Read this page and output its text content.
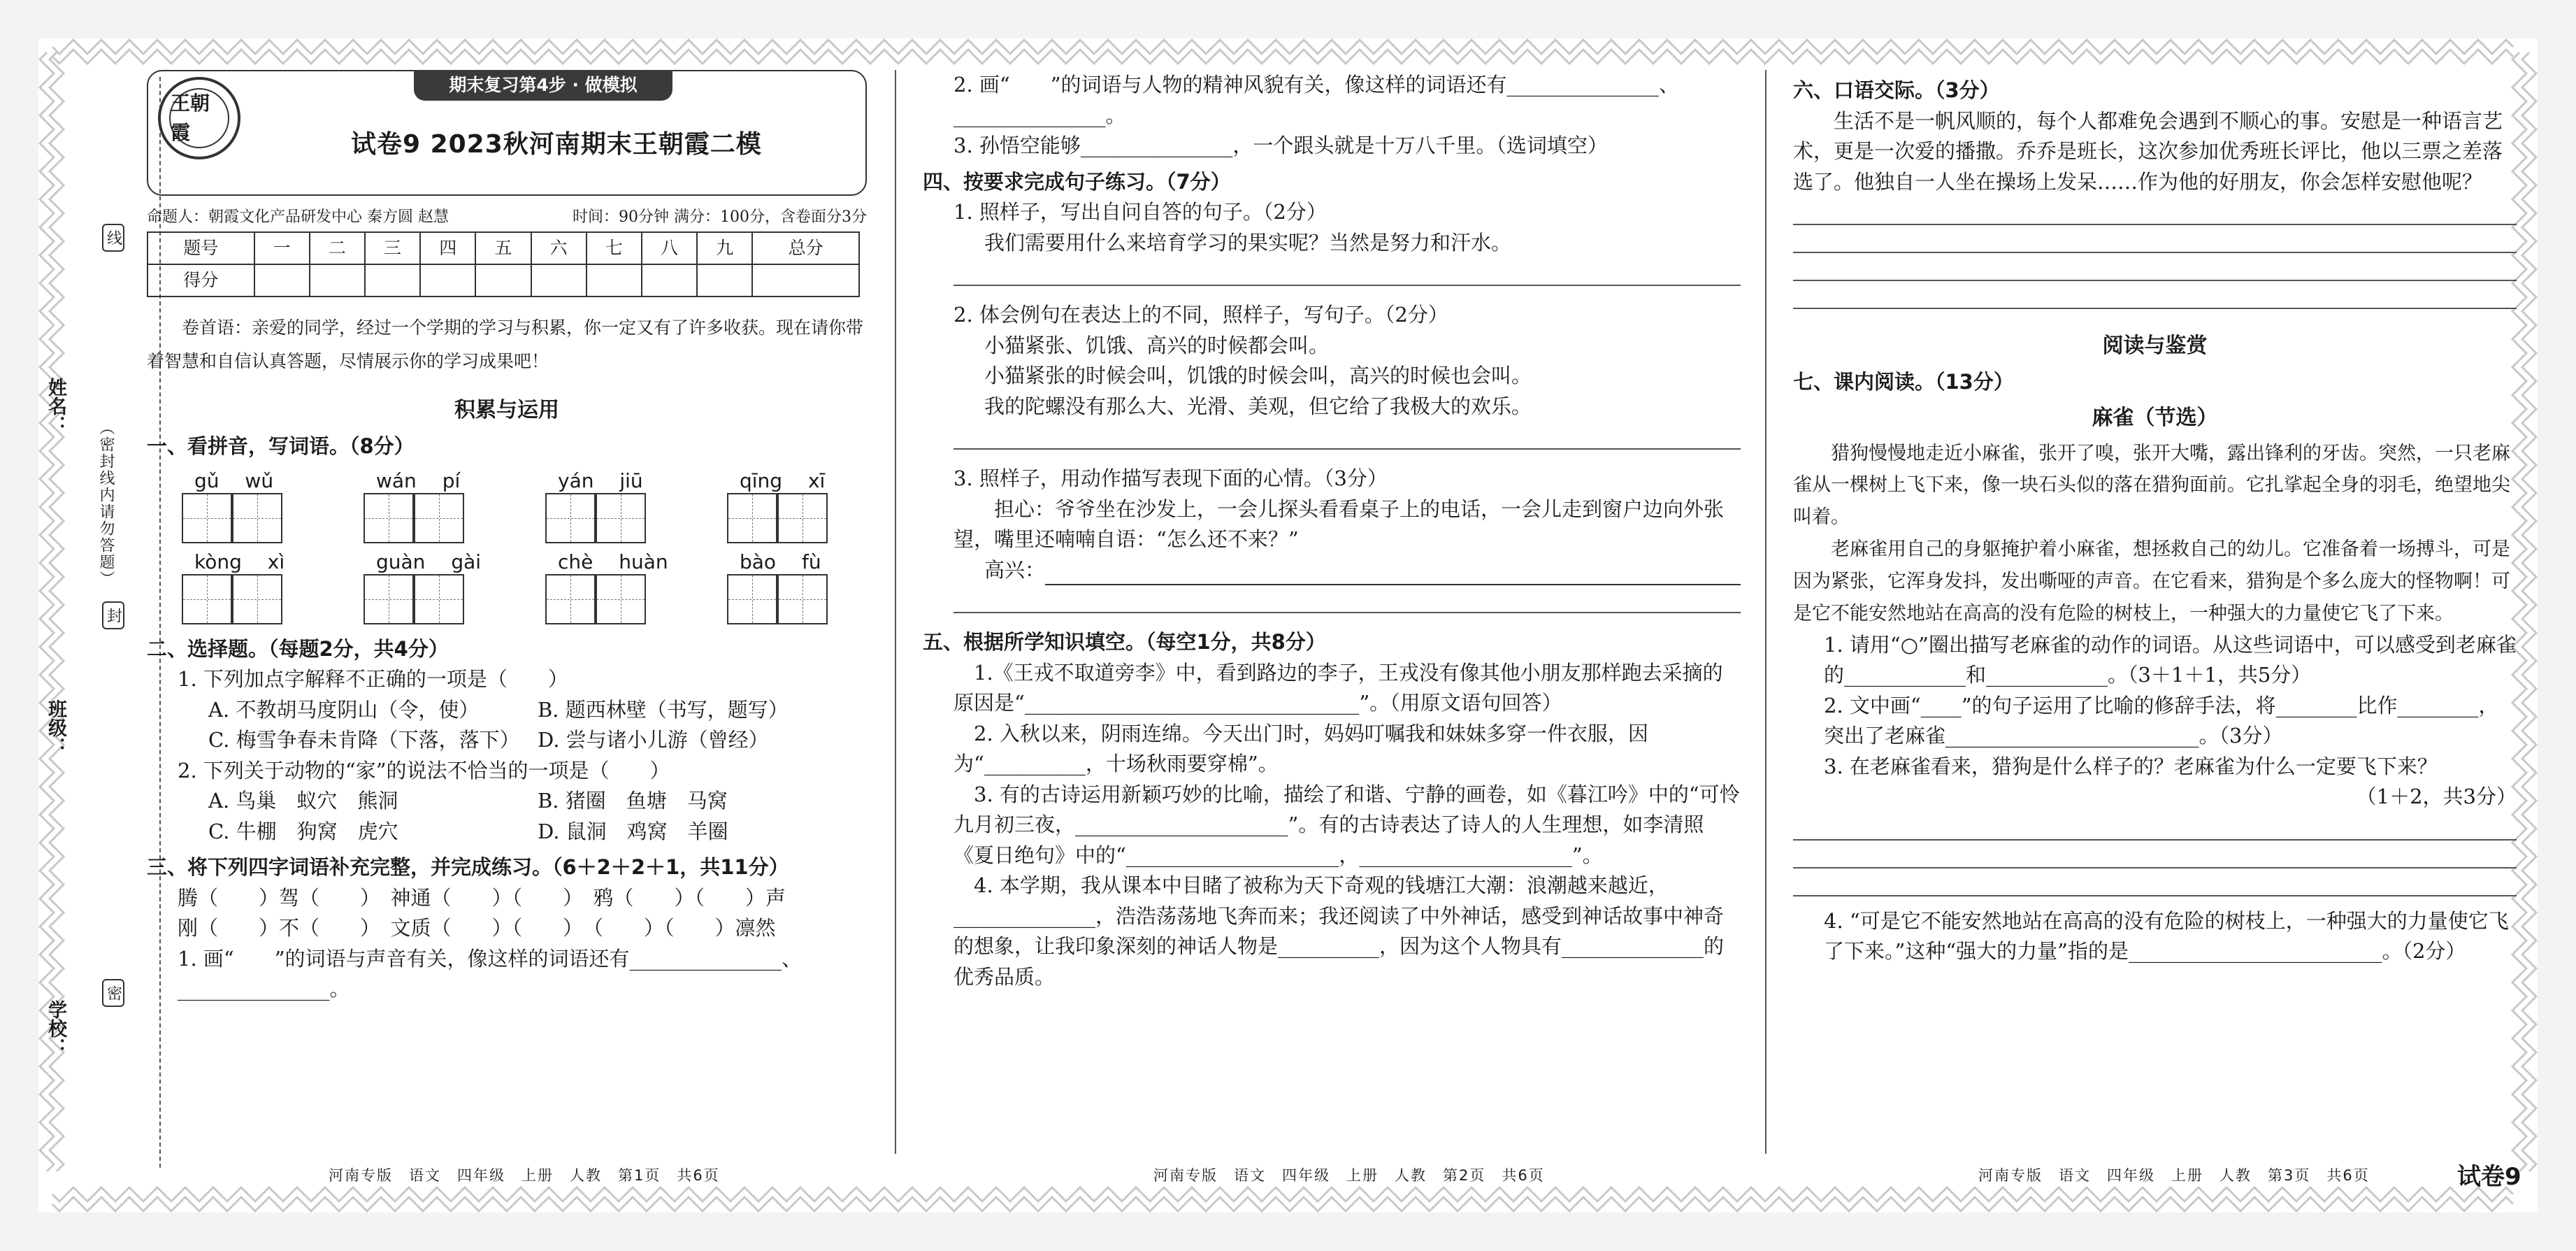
姓名：
班级：
学校：
线
封
密
（密封线内请勿答题）
王朝霞
期末复习第4步 · 做模拟
试卷9 2023秋河南期末王朝霞二模
命题人：朝霞文化产品研发中心 秦方圆 赵慧	时间：90分钟 满分：100分，含卷面分3分
题号	一	二	三	四	五	六	七	八	九	总分
得分										
卷首语：亲爱的同学，经过一个学期的学习与积累，你一定又有了许多收获。现在请你带着智慧和自信认真答题，尽情展示你的学习成果吧！
积累与运用
一、看拼音，写词语。（8分）
gǔ wǔ	wán pí	yán jiū	qīng xī
kòng xì	guàn gài	chè huàn	bào fù
二、选择题。（每题2分，共4分）
1. 下列加点字解释不正确的一项是（　　）
A. 不教胡马度阴山（令，使）	B. 题西林壁（书写，题写）
C. 梅雪争春未肯降（下落，落下） D. 尝与诸小儿游（曾经）
2. 下列关于动物的“家”的说法不恰当的一项是（　　）
A. 鸟巢　蚁穴　熊洞	B. 猪圈　鱼塘　马窝
C. 牛棚　狗窝　虎穴	D. 鼠洞　鸡窝　羊圈
三、将下列四字词语补充完整，并完成练习。（6＋2＋2＋1，共11分）
腾（　　）驾（　　）　神通（　　）（　　）　鸦（　　）（　　）声
刚（　　）不（　　）　文质（　　）（　　）　（　　）（　　）凛然
1. 画“　　”的词语与声音有关，像这样的词语还有_______________、_______________。
2. 画“　　”的词语与人物的精神风貌有关，像这样的词语还有_______________、_______________。
3. 孙悟空能够_______________，一个跟头就是十万八千里。（选词填空）
四、按要求完成句子练习。（7分）
1. 照样子，写出自问自答的句子。（2分）
我们需要用什么来培育学习的果实呢？当然是努力和汗水。
2. 体会例句在表达上的不同，照样子，写句子。（2分）
小猫紧张、饥饿、高兴的时候都会叫。
小猫紧张的时候会叫，饥饿的时候会叫，高兴的时候也会叫。
我的陀螺没有那么大、光滑、美观，但它给了我极大的欢乐。
3. 照样子，用动作描写表现下面的心情。（3分）
担心：爷爷坐在沙发上，一会儿探头看看桌子上的电话，一会儿走到窗户边向外张望，嘴里还喃喃自语：“怎么还不来？”
高兴：
五、根据所学知识填空。（每空1分，共8分）
1.《王戎不取道旁李》中，看到路边的李子，王戎没有像其他小朋友那样跑去采摘的原因是“_________________________________”。（用原文语句回答）
2. 入秋以来，阴雨连绵。今天出门时，妈妈叮嘱我和妹妹多穿一件衣服，因为“__________，十场秋雨要穿棉”。
3. 有的古诗运用新颖巧妙的比喻，描绘了和谐、宁静的画卷，如《暮江吟》中的“可怜九月初三夜，_____________________”。有的古诗表达了诗人的人生理想，如李清照《夏日绝句》中的“_____________________，_____________________”。
4. 本学期，我从课本中目睹了被称为天下奇观的钱塘江大潮：浪潮越来越近，______________，浩浩荡荡地飞奔而来；我还阅读了中外神话，感受到神话故事中神奇的想象，让我印象深刻的神话人物是__________，因为这个人物具有______________的优秀品质。
六、口语交际。（3分）
生活不是一帆风顺的，每个人都难免会遇到不顺心的事。安慰是一种语言艺术，更是一次爱的播撒。乔乔是班长，这次参加优秀班长评比，他以三票之差落选了。他独自一人坐在操场上发呆……作为他的好朋友，你会怎样安慰他呢？
阅读与鉴赏
七、课内阅读。（13分）
麻雀（节选）
猎狗慢慢地走近小麻雀，张开了嗅，张开大嘴，露出锋利的牙齿。突然，一只老麻雀从一棵树上飞下来，像一块石头似的落在猎狗面前。它扎挲起全身的羽毛，绝望地尖叫着。
老麻雀用自己的身躯掩护着小麻雀，想拯救自己的幼儿。它准备着一场搏斗，可是因为紧张，它浑身发抖，发出嘶哑的声音。在它看来，猎狗是个多么庞大的怪物啊！可是它不能安然地站在高高的没有危险的树枝上，一种强大的力量使它飞了下来。
1. 请用“○”圈出描写老麻雀的动作的词语。从这些词语中，可以感受到老麻雀的____________和____________。（3＋1＋1，共5分）
2. 文中画“____”的句子运用了比喻的修辞手法，将________比作________，突出了老麻雀_________________________。（3分）
3. 在老麻雀看来，猎狗是什么样子的？老麻雀为什么一定要飞下来？
（1＋2，共3分）
4. “可是它不能安然地站在高高的没有危险的树枝上，一种强大的力量使它飞了下来。”这种“强大的力量”指的是_________________________。（2分）
河南专版　语文　四年级　上册　人教　第1页　共6页	河南专版　语文　四年级　上册　人教　第2页　共6页	河南专版　语文　四年级　上册　人教　第3页　共6页	试卷9
